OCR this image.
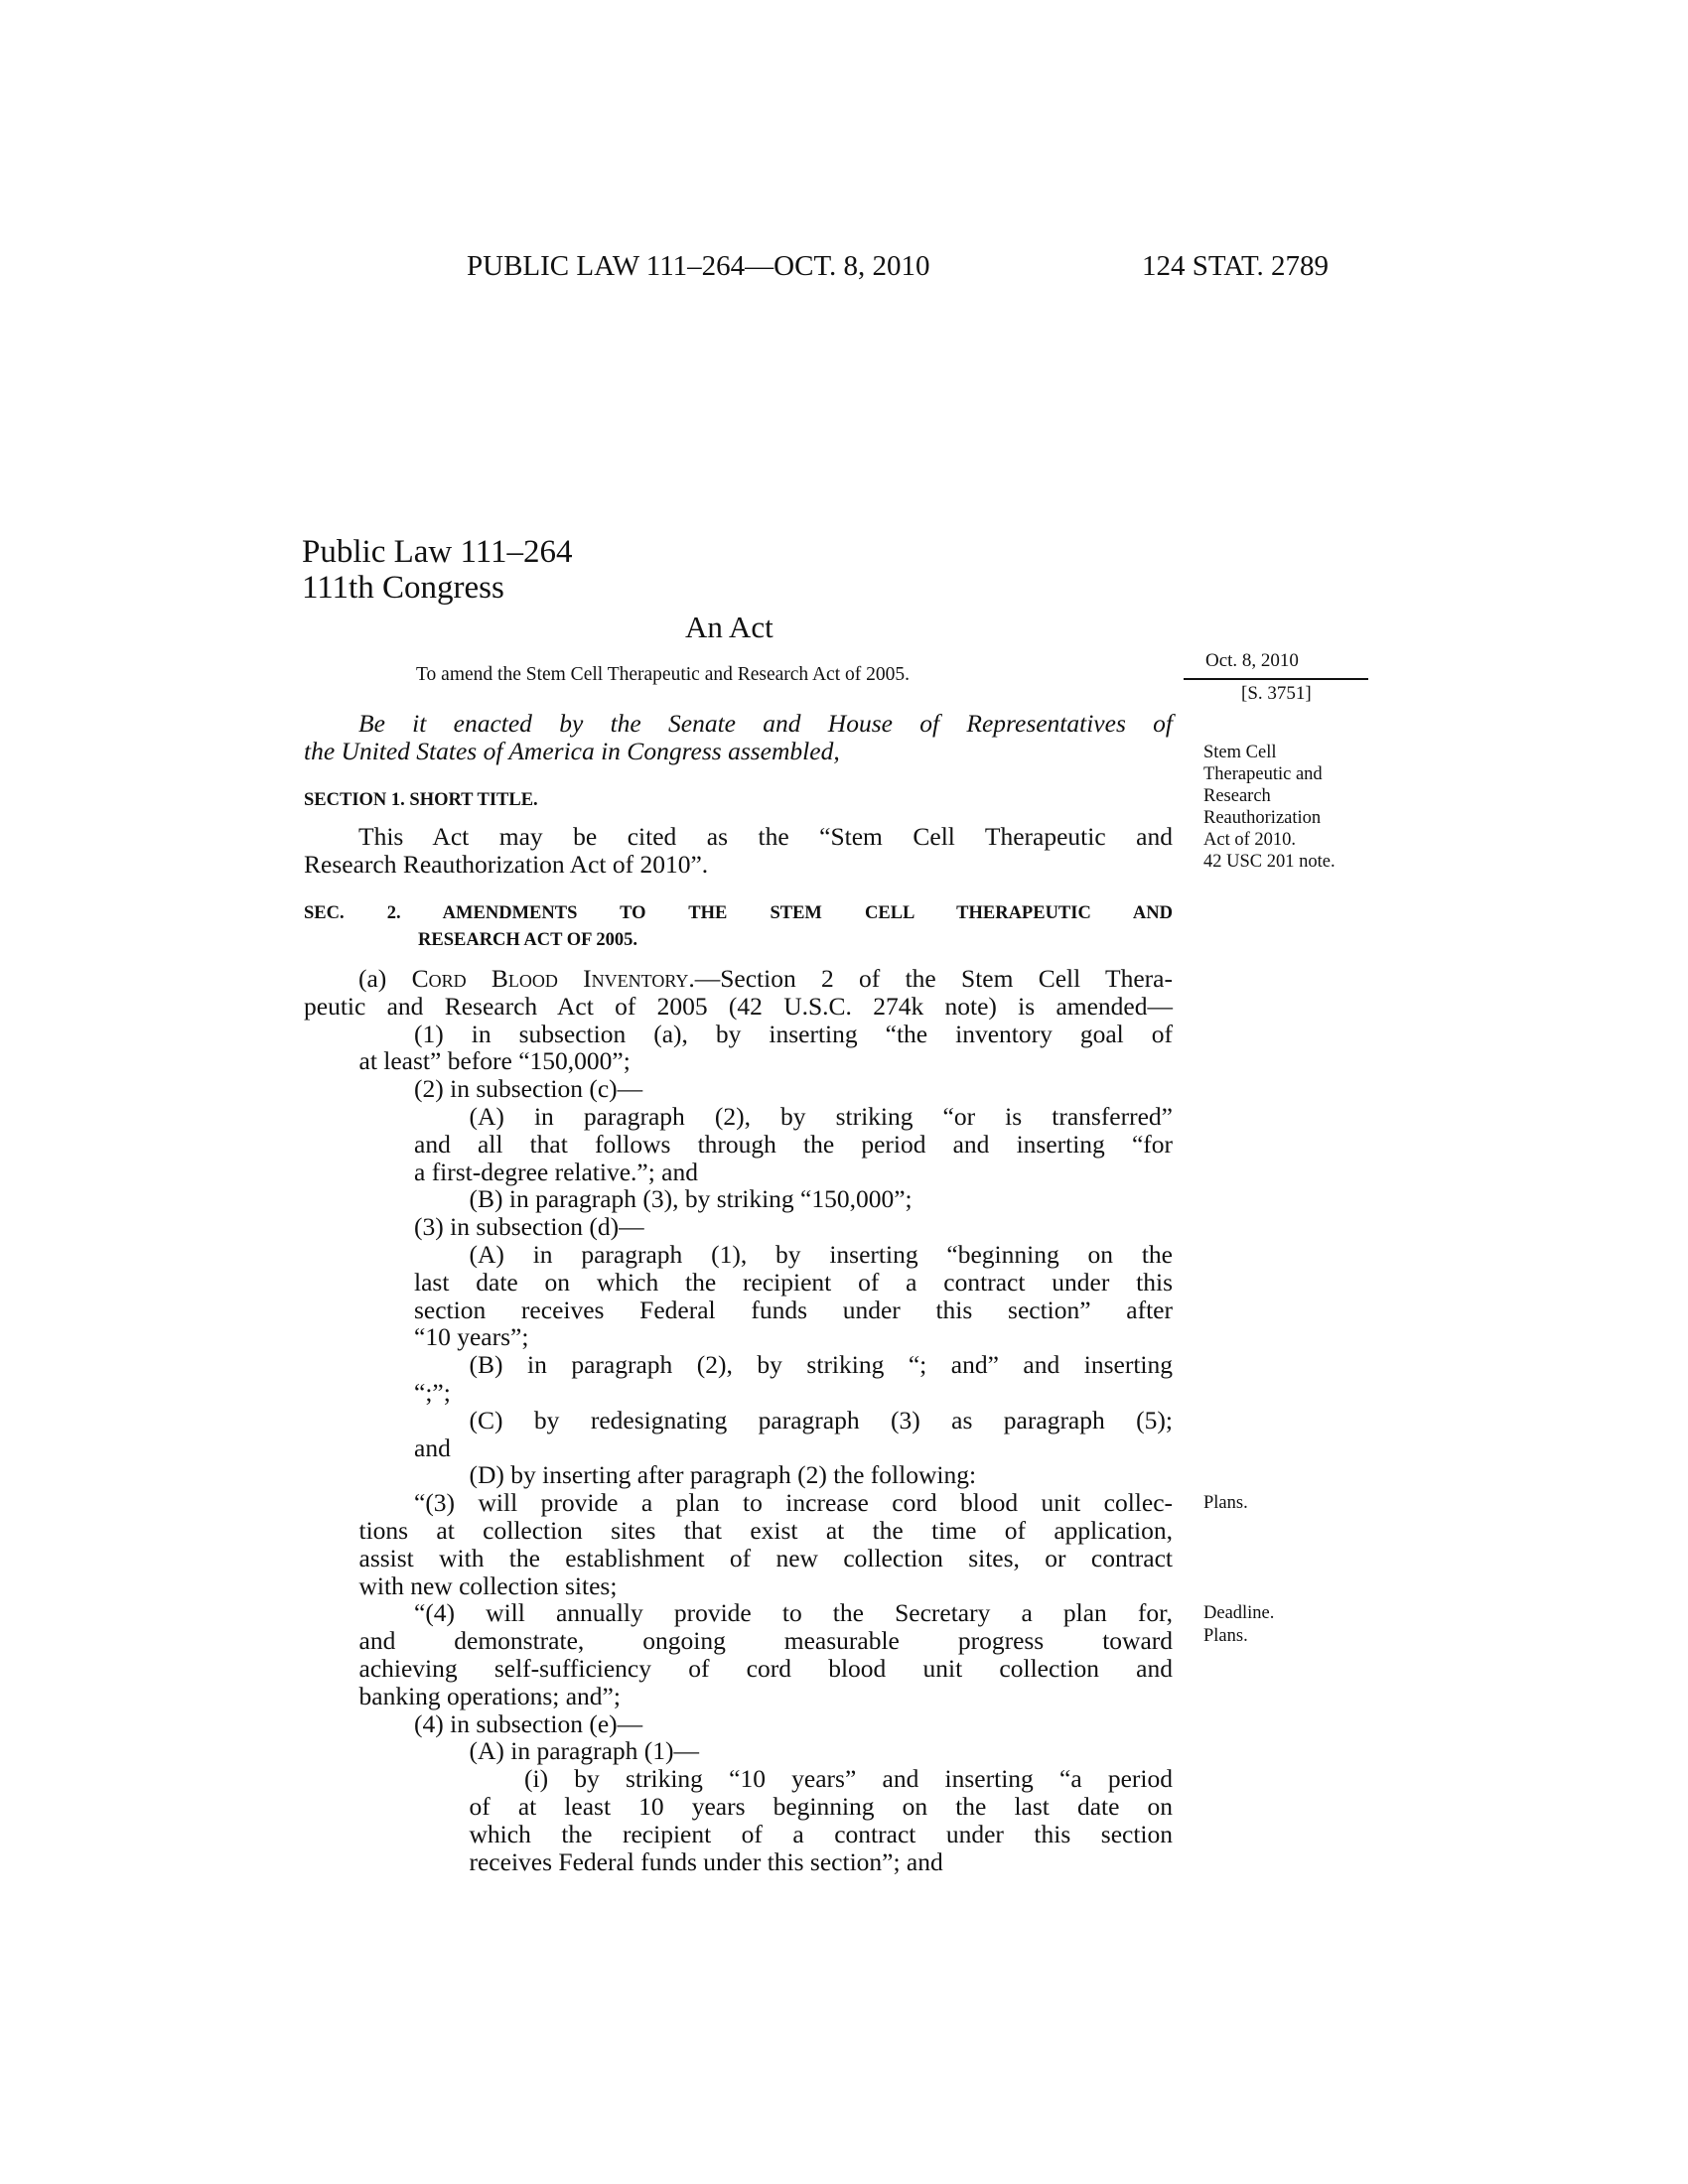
PUBLIC LAW 111–264—OCT. 8, 2010	124 STAT. 2789
Public Law 111–264
111th Congress
An Act
To amend the Stem Cell Therapeutic and Research Act of 2005.
Oct. 8, 2010
[S. 3751]
Stem Cell
Therapeutic and
Research
Reauthorization
Act of 2010.
42 USC 201 note.
Plans.
Deadline.
Plans.
Be it enacted by the Senate and House of Representatives of
the United States of America in Congress assembled,
SECTION 1. SHORT TITLE.
This Act may be cited as the “Stem Cell Therapeutic and
Research Reauthorization Act of 2010”.
SEC. 2. AMENDMENTS TO THE STEM CELL THERAPEUTIC AND
RESEARCH ACT OF 2005.
(a) Cord Blood Inventory.—Section 2 of the Stem Cell Thera-
peutic and Research Act of 2005 (42 U.S.C. 274k note) is amended—
(1) in subsection (a), by inserting “the inventory goal of
at least” before “150,000”;
(2) in subsection (c)—
(A) in paragraph (2), by striking “or is transferred”
and all that follows through the period and inserting “for
a first-degree relative.”; and
(B) in paragraph (3), by striking “150,000”;
(3) in subsection (d)—
(A) in paragraph (1), by inserting “beginning on the
last date on which the recipient of a contract under this
section receives Federal funds under this section” after
“10 years”;
(B) in paragraph (2), by striking “; and” and inserting
“;”;
(C) by redesignating paragraph (3) as paragraph (5);
and
(D) by inserting after paragraph (2) the following:
“(3) will provide a plan to increase cord blood unit collec-
tions at collection sites that exist at the time of application,
assist with the establishment of new collection sites, or contract
with new collection sites;
“(4) will annually provide to the Secretary a plan for,
and demonstrate, ongoing measurable progress toward
achieving self-sufficiency of cord blood unit collection and
banking operations; and”;
(4) in subsection (e)—
(A) in paragraph (1)—
(i) by striking “10 years” and inserting “a period
of at least 10 years beginning on the last date on
which the recipient of a contract under this section
receives Federal funds under this section”; and
